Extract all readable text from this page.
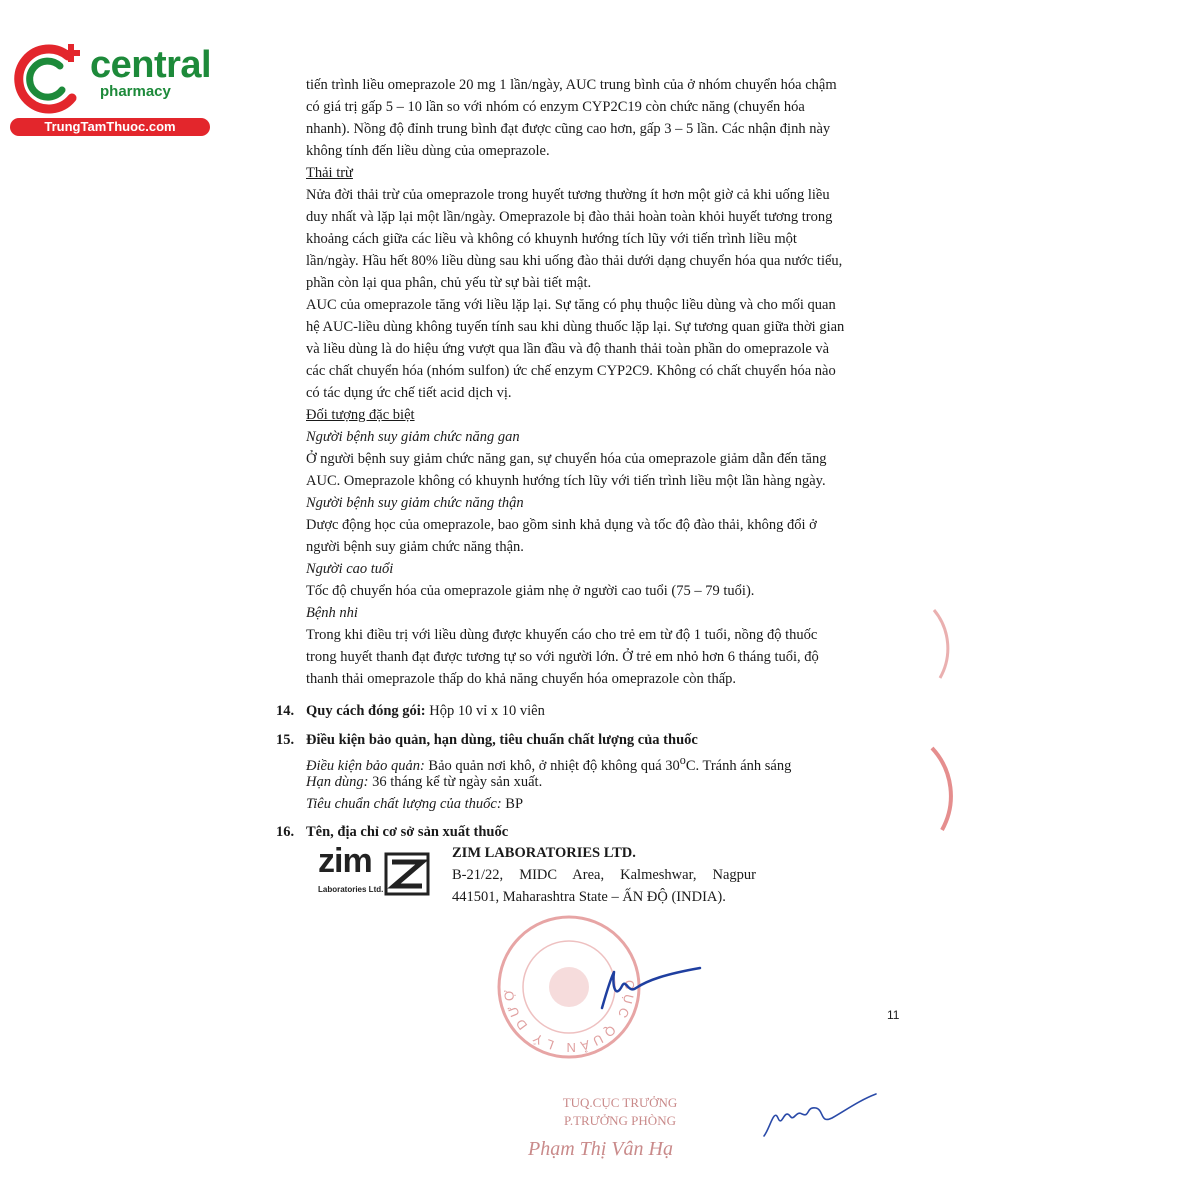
central
pharmacy
TrungTamThuoc.com

tiến trình liều omeprazole 20 mg 1 lần/ngày, AUC trung bình của ở nhóm chuyển hóa chậm

có giá trị gấp 5 – 10 lần so với nhóm có enzym CYP2C19 còn chức năng (chuyển hóa

nhanh). Nồng độ đỉnh trung bình đạt được cũng cao hơn, gấp 3 – 5 lần. Các nhận định này

không tính đến liều dùng của omeprazole.

Thải trừ

Nửa đời thải trừ của omeprazole trong huyết tương thường ít hơn một giờ cả khi uống liều

duy nhất và lặp lại một lần/ngày. Omeprazole bị đào thải hoàn toàn khỏi huyết tương trong

khoảng cách giữa các liều và không có khuynh hướng tích lũy với tiến trình liều một

lần/ngày. Hầu hết 80% liều dùng sau khi uống đào thải dưới dạng chuyển hóa qua nước tiểu,

phần còn lại qua phân, chủ yếu từ sự bài tiết mật.

AUC của omeprazole tăng với liều lặp lại. Sự tăng có phụ thuộc liều dùng và cho mối quan

hệ AUC-liều dùng không tuyến tính sau khi dùng thuốc lặp lại. Sự tương quan giữa thời gian

và liều dùng là do hiệu ứng vượt qua lần đầu và độ thanh thải toàn phần do omeprazole và

các chất chuyển hóa (nhóm sulfon) ức chế enzym CYP2C9. Không có chất chuyển hóa nào

có tác dụng ức chế tiết acid dịch vị.

Đối tượng đặc biệt

Người bệnh suy giảm chức năng gan

Ở người bệnh suy giảm chức năng gan, sự chuyển hóa của omeprazole giảm dẫn đến tăng

AUC. Omeprazole không có khuynh hướng tích lũy với tiến trình liều một lần hàng ngày.

Người bệnh suy giảm chức năng thận

Dược động học của omeprazole, bao gồm sinh khả dụng và tốc độ đào thải, không đổi ở

người bệnh suy giảm chức năng thận.

Người cao tuổi

Tốc độ chuyển hóa của omeprazole giảm nhẹ ở người cao tuổi (75 – 79 tuổi).

Bệnh nhi

Trong khi điều trị với liều dùng được khuyến cáo cho trẻ em từ độ 1 tuổi, nồng độ thuốc

trong huyết thanh đạt được tương tự so với người lớn. Ở trẻ em nhỏ hơn 6 tháng tuổi, độ

thanh thải omeprazole thấp do khả năng chuyển hóa omeprazole còn thấp.

14. Quy cách đóng gói: Hộp 10 vỉ x 10 viên
15. Điều kiện bảo quản, hạn dùng, tiêu chuẩn chất lượng của thuốc
Điều kiện bảo quản: Bảo quản nơi khô, ở nhiệt độ không quá 30$^o$C. Tránh ánh sáng
Hạn dùng: 36 tháng kể từ ngày sản xuất.
Tiêu chuẩn chất lượng của thuốc: BP
16. Tên, địa chỉ cơ sở sản xuất thuốc
zim
Laboratories Ltd.
ZIM LABORATORIES LTD.
B-21/22, MIDC Area, Kalmeshwar, Nagpur
441501, Maharashtra State – ẤN ĐỘ (INDIA).
CỤC QUẢN LÝ DƯỢ
TUQ.CỤC TRƯỞNG
P.TRƯỞNG PHÒNG
Phạm Thị Vân Hạ
11
